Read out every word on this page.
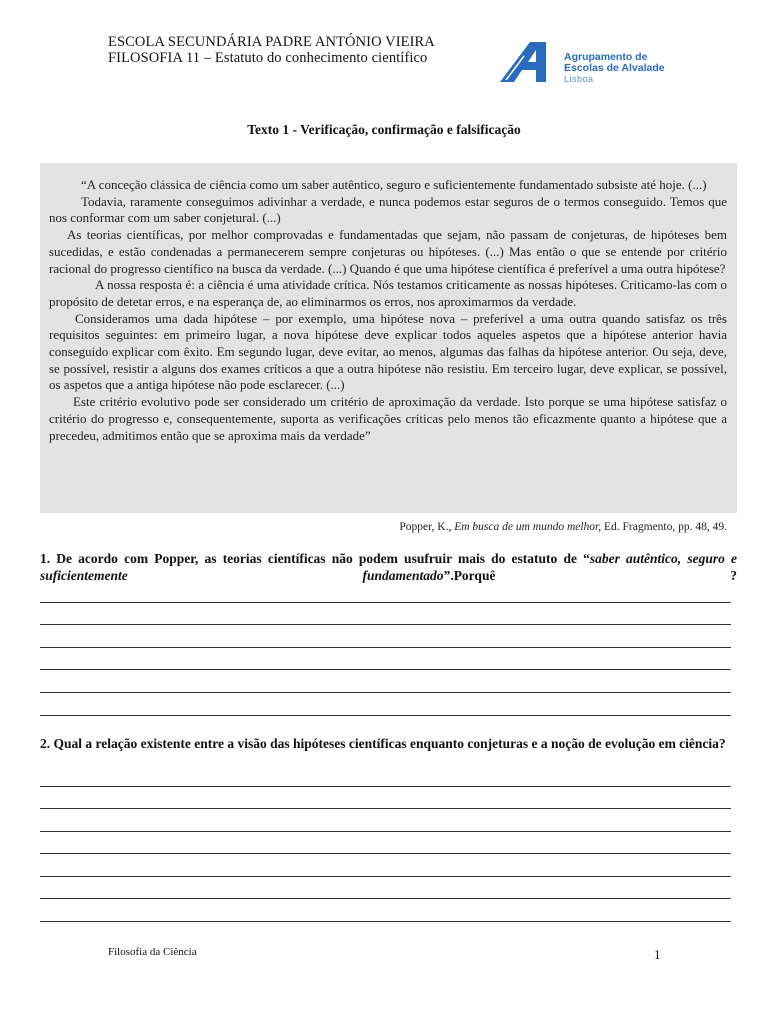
ESCOLA SECUNDÁRIA PADRE ANTÓNIO VIEIRA
FILOSOFIA 11 – Estatuto do conhecimento científico	Agrupamento de
Escolas de Alvalade
Lisboa
Texto 1 - Verificação, confirmação e falsificação

“A conceção clássica de ciência como um saber autêntico, seguro e suficientemente fundamentado subsiste até hoje. (...)

Todavia, raramente conseguimos adivinhar a verdade, e nunca podemos estar seguros de o termos conseguido. Temos que nos conformar com um saber conjetural. (...)

As teorias científicas, por melhor comprovadas e fundamentadas que sejam, não passam de conjeturas, de hipóteses bem sucedidas, e estão condenadas a permanecerem sempre conjeturas ou hipóteses. (...) Mas então o que se entende por critério racional do progresso científico na busca da verdade. (...) Quando é que uma hipótese científica é preferível a uma outra hipótese?

A nossa resposta é: a ciência é uma atividade crítica. Nós testamos criticamente as nossas hipóteses. Criticamo-las com o propósito de detetar erros, e na esperança de, ao eliminarmos os erros, nos aproximarmos da verdade.

Consideramos uma dada hipótese – por exemplo, uma hipótese nova – preferível a uma outra quando satisfaz os três requisitos seguintes: em primeiro lugar, a nova hipótese deve explicar todos aqueles aspetos que a hipótese anterior havia conseguido explicar com êxito. Em segundo lugar, deve evitar, ao menos, algumas das falhas da hipótese anterior. Ou seja, deve, se possível, resistir a alguns dos exames críticos a que a outra hipótese não resistiu. Em terceiro lugar, deve explicar, se possível, os aspetos que a antiga hipótese não pode esclarecer. (...)

Este critério evolutivo pode ser considerado um critério de aproximação da verdade. Isto porque se uma hipótese satisfaz o critério do progresso e, consequentemente, suporta as verificações críticas pelo menos tão eficazmente quanto a hipótese que a precedeu, admitimos então que se aproxima mais da verdade”

Popper, K., Em busca de um mundo melhor, Ed. Fragmento, pp. 48, 49.
1. De acordo com Popper, as teorias científicas não podem usufruir mais do estatuto de “saber autêntico, seguro e suficientemente fundamentado”.Porquê ?
2. Qual a relação existente entre a visão das hipóteses científicas enquanto conjeturas e a noção de evolução em ciência?
Filosofia da Ciência	1
